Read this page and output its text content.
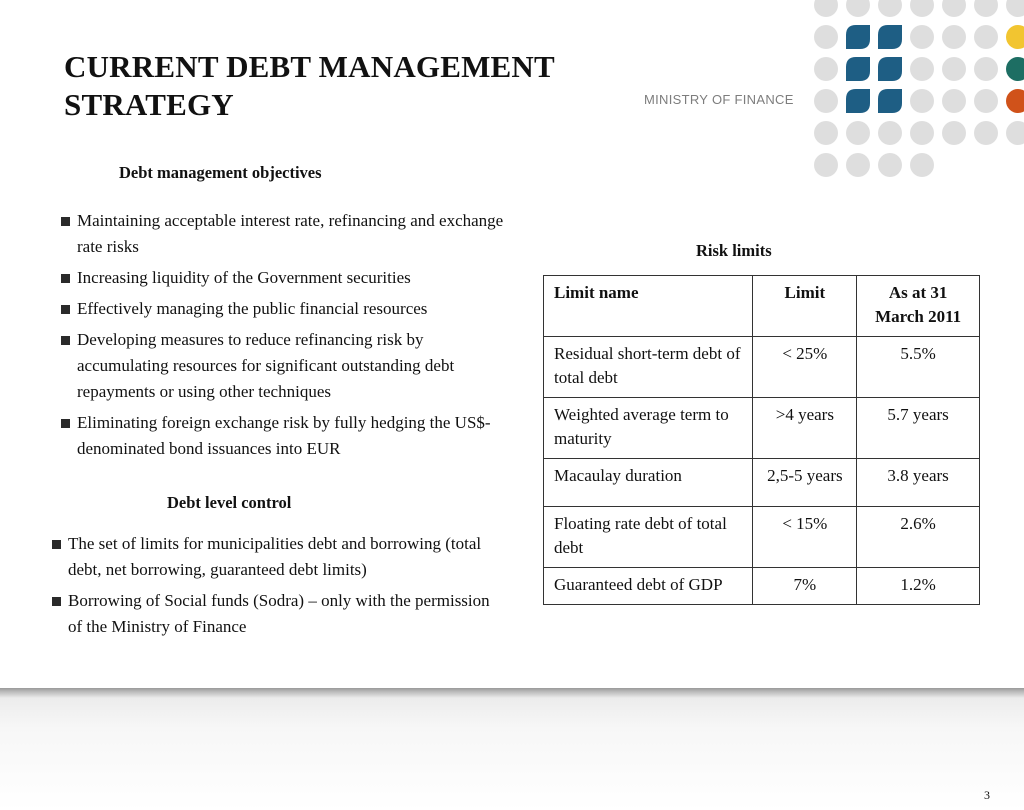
CURRENT DEBT MANAGEMENT STRATEGY	MINISTRY OF FINANCE
Debt management objectives
Maintaining acceptable interest rate, refinancing and exchange rate risks
Increasing liquidity of the Government securities
Effectively managing the public financial resources
Developing measures to reduce refinancing risk by accumulating resources for significant outstanding debt repayments or using other techniques
Eliminating foreign exchange risk by fully hedging the US$-denominated bond issuances into EUR
Debt level control
The set of limits for municipalities debt and borrowing (total debt, net borrowing, guaranteed debt limits)
Borrowing of Social funds (Sodra) – only with the permission of the Ministry of Finance
Risk limits
Limit name	Limit	As at 31 March 2011
Residual short-term debt of total debt	< 25%	5.5%
Weighted average term to maturity	>4 years	5.7 years
Macaulay duration	2,5-5 years	3.8 years
Floating rate debt of total debt	< 15%	2.6%
Guaranteed debt of GDP	7%	1.2%
3
